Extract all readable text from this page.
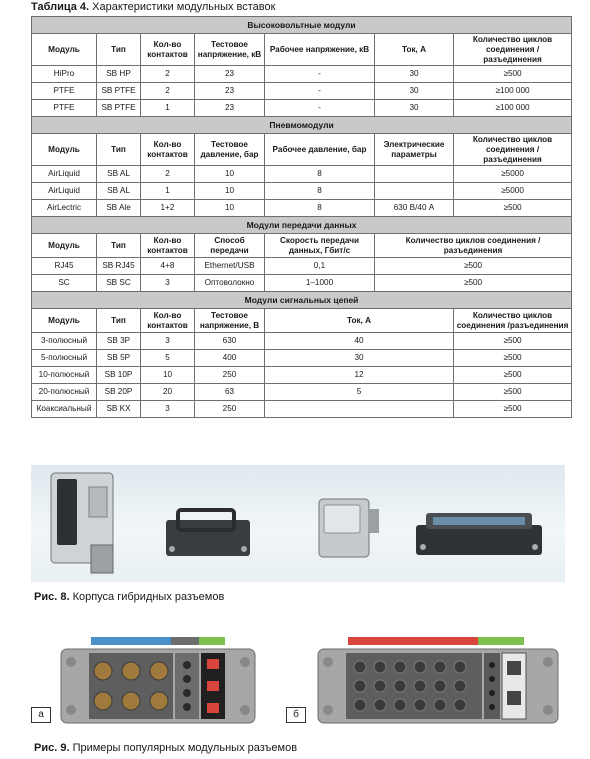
Таблица 4. Характеристики модульных вставок
Высоковольтные модули						
Модуль	Тип	Кол-во контактов	Тестовое напряжение, кВ	Рабочее напряжение, кВ	Ток, А	Количество циклов соединения / разъединения
HiPro	SB HP	2	23	-	30	≥500
PTFE	SB PTFE	2	23	-	30	≥100 000
PTFE	SB PTFE	1	23	-	30	≥100 000
Пневмомодули						
Модуль	Тип	Кол-во контактов	Тестовое давление, бар	Рабочее давление, бар	Электрические параметры	Количество циклов соединения / разъединения
AirLiquid	SB AL	2	10	8		≥5000
AirLiquid	SB AL	1	10	8		≥5000
AirLectric	SB Ale	1+2	10	8	630 В/40 А	≥500
Модули передачи данных						
Модуль	Тип	Кол-во контактов	Способ передачи	Скорость передачи данных, Гбит/с	Количество циклов соединения /разъединения	
RJ45	SB RJ45	4+8	Ethernet/USB	0,1	≥500	
SC	SB SC	3	Оптоволокно	1–1000	≥500	
Модули сигнальных цепей						
Модуль	Тип	Кол-во контактов	Тестовое напряжение, В	Ток, А		Количество циклов соединения /разъединения
3-полюсный	SB 3P	3	630	40		≥500
5-полюсный	SB 5P	5	400	30		≥500
10-полюсный	SB 10P	10	250	12		≥500
20-полюсный	SB 20P	20	63	5		≥500
Коаксиальный	SB KX	3	250			≥500
Рис. 8. Корпуса гибридных разъемов
а	б
Рис. 9. Примеры популярных модульных разъемов
